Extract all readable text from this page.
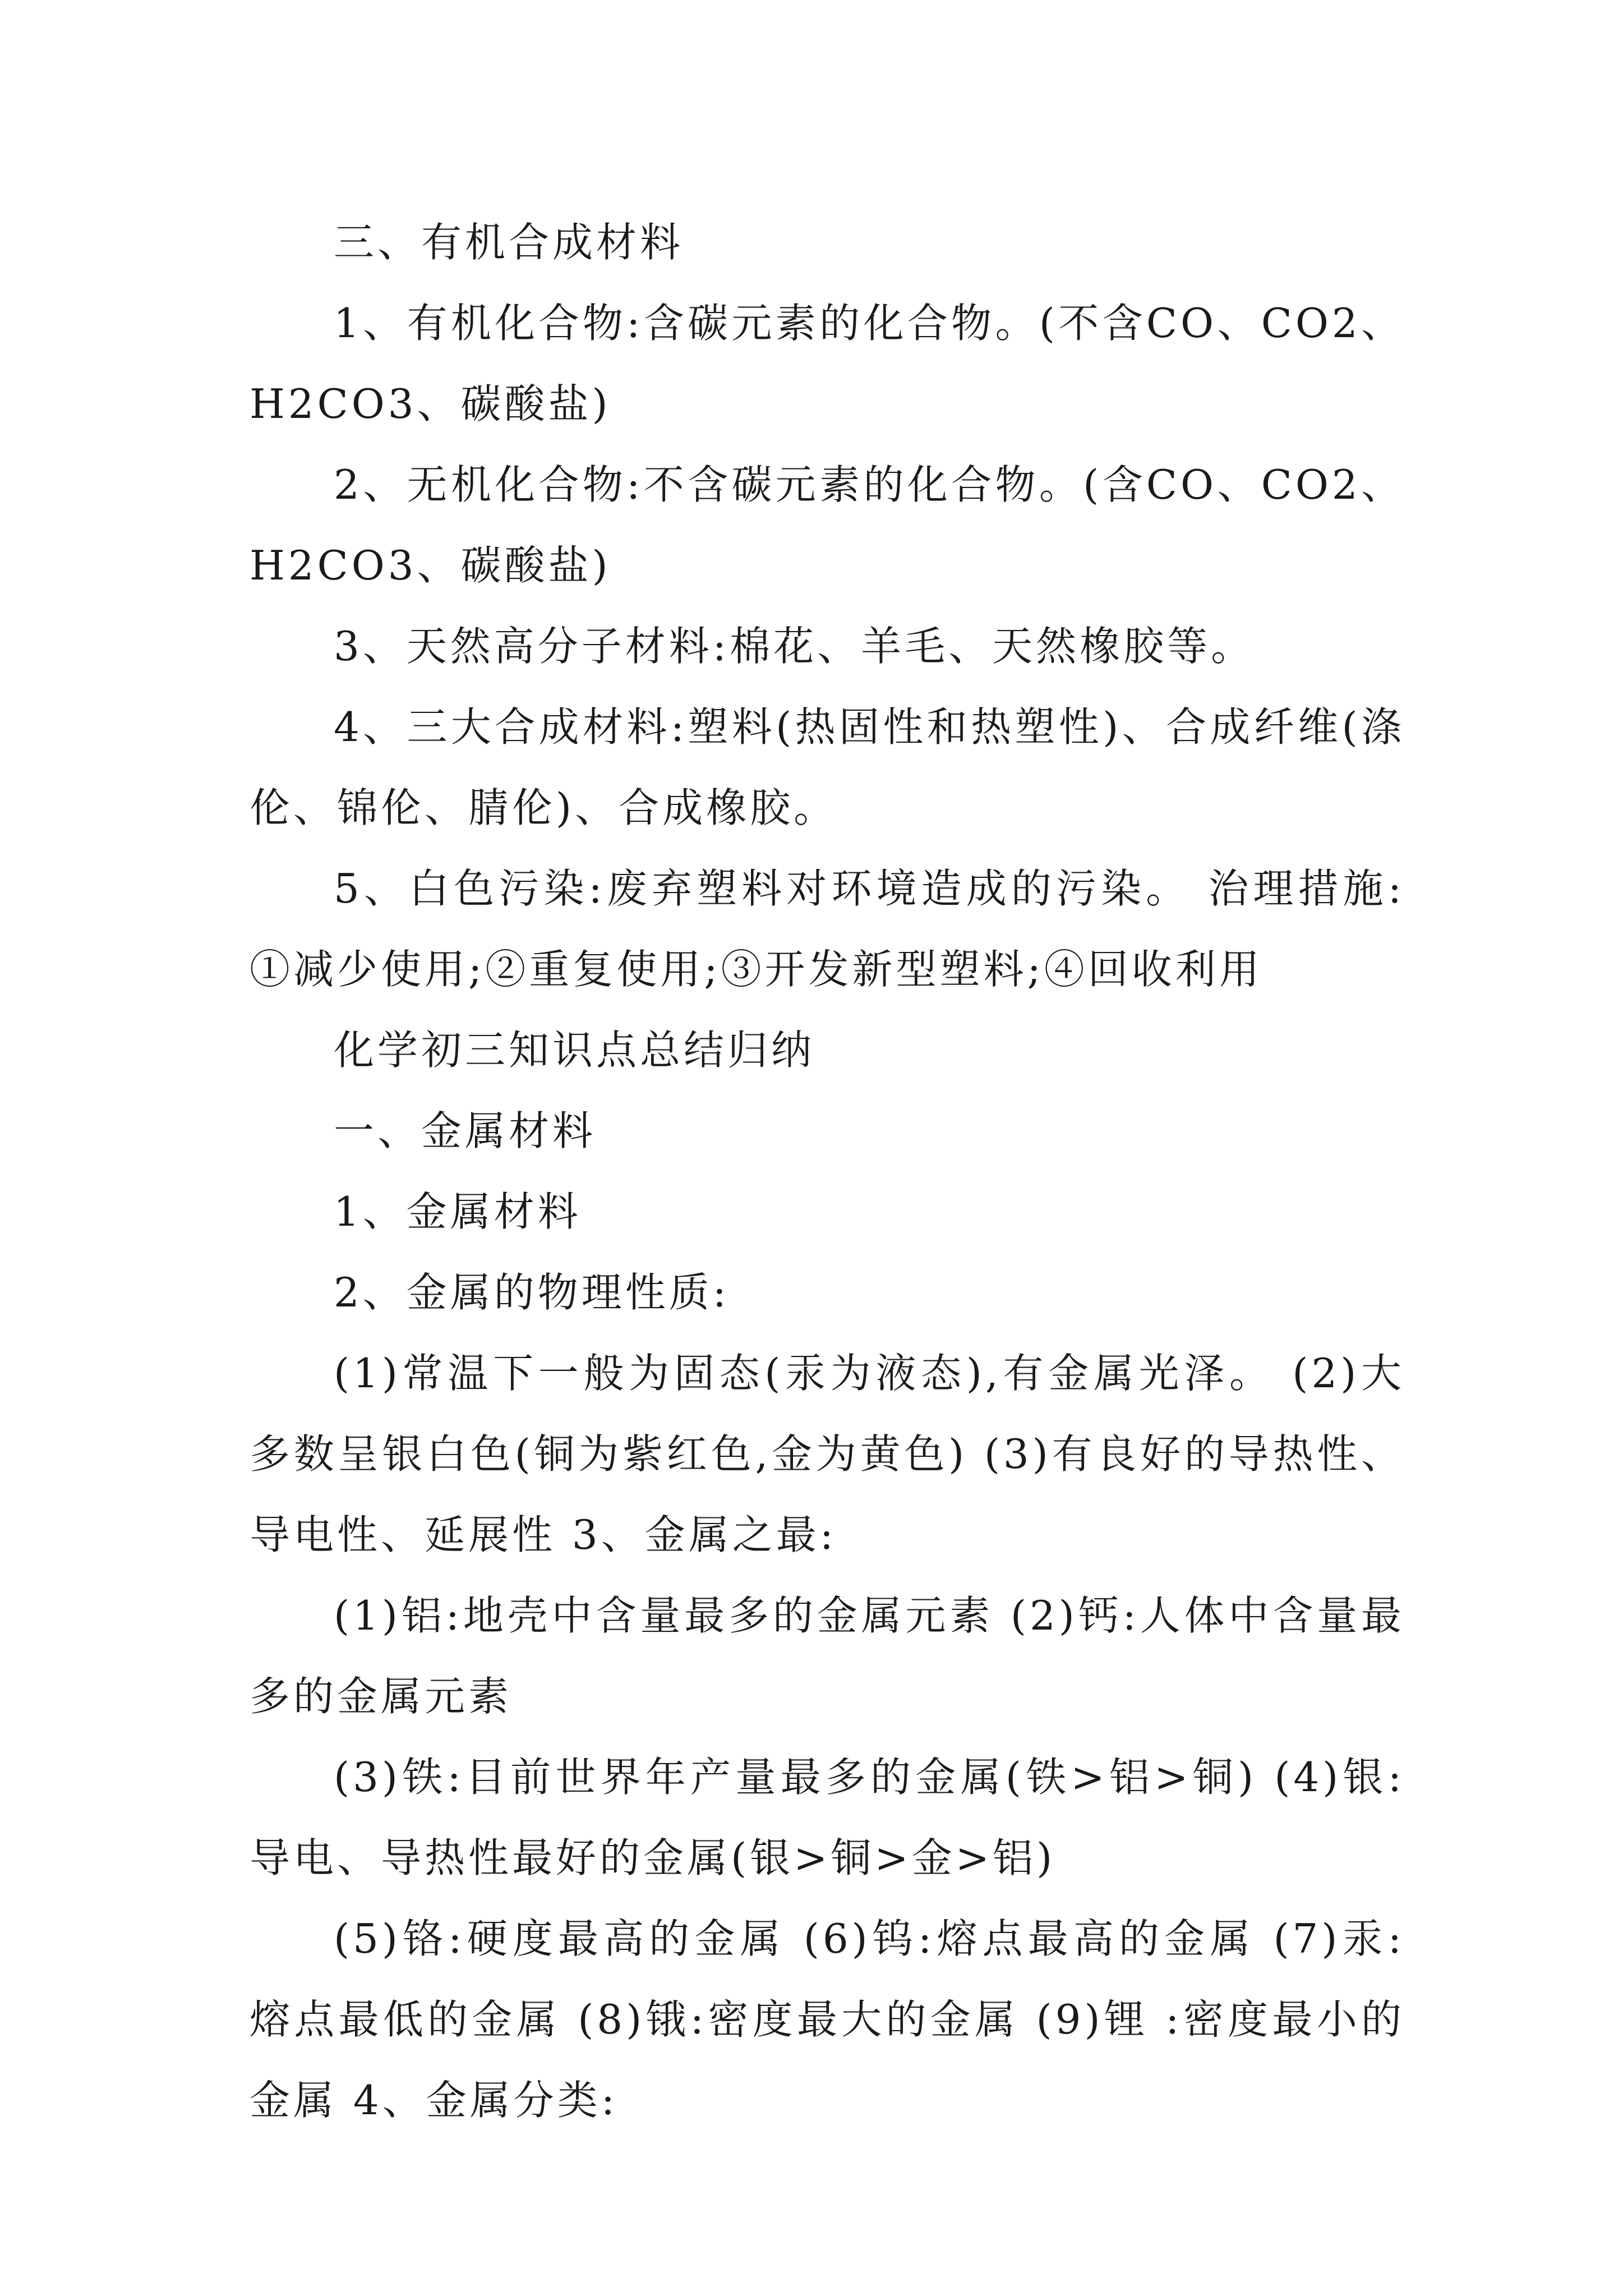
三、有机合成材料

1、有机化合物:含碳元素的化合物。(不含CO、CO2、H2CO3、碳酸盐)

2、无机化合物:不含碳元素的化合物。(含CO、CO2、H2CO3、碳酸盐)

3、天然高分子材料:棉花、羊毛、天然橡胶等。

4、三大合成材料:塑料(热固性和热塑性)、合成纤维(涤伦、锦伦、腈伦)、合成橡胶。

5、白色污染:废弃塑料对环境造成的污染。 治理措施:①减少使用;②重复使用;③开发新型塑料;④回收利用

化学初三知识点总结归纳

一、金属材料

1、金属材料

2、金属的物理性质:

(1)常温下一般为固态(汞为液态),有金属光泽。 (2)大多数呈银白色(铜为紫红色,金为黄色) (3)有良好的导热性、导电性、延展性 3、金属之最:

(1)铝:地壳中含量最多的金属元素 (2)钙:人体中含量最多的金属元素

(3)铁:目前世界年产量最多的金属(铁>铝>铜) (4)银:导电、导热性最好的金属(银>铜>金>铝)

(5)铬:硬度最高的金属 (6)钨:熔点最高的金属 (7)汞:熔点最低的金属 (8)锇:密度最大的金属 (9)锂 :密度最小的金属 4、金属分类:
